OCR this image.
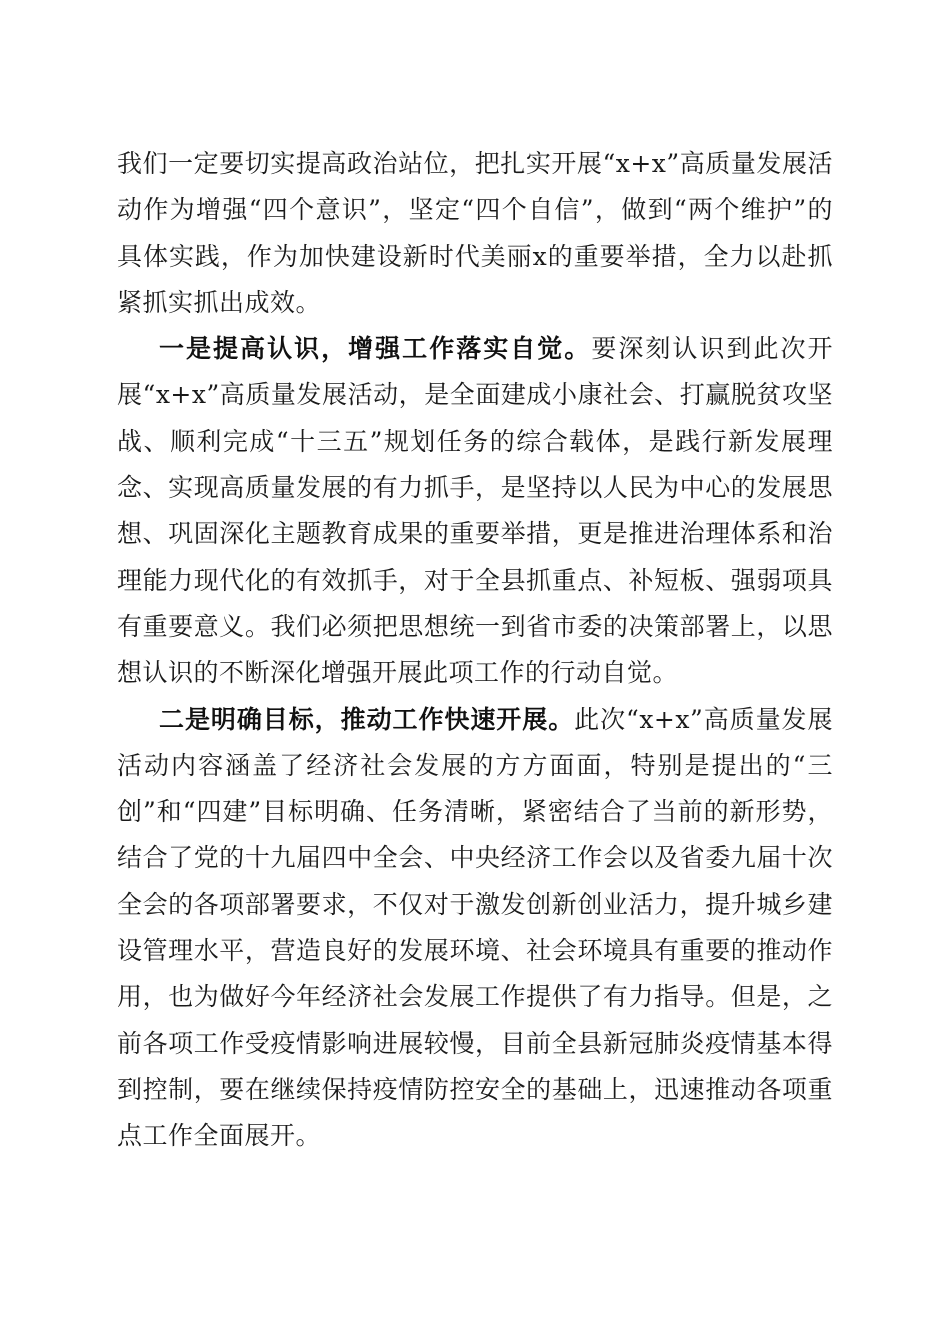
我们一定要切实提高政治站位，把扎实开展“x+x”高质量发展活动作为增强“四个意识”，坚定“四个自信”，做到“两个维护”的具体实践，作为加快建设新时代美丽x的重要举措，全力以赴抓紧抓实抓出成效。

一是提高认识，增强工作落实自觉。要深刻认识到此次开展“x+x”高质量发展活动，是全面建成小康社会、打赢脱贫攻坚战、顺利完成“十三五”规划任务的综合载体，是践行新发展理念、实现高质量发展的有力抓手，是坚持以人民为中心的发展思想、巩固深化主题教育成果的重要举措，更是推进治理体系和治理能力现代化的有效抓手，对于全县抓重点、补短板、强弱项具有重要意义。我们必须把思想统一到省市委的决策部署上，以思想认识的不断深化增强开展此项工作的行动自觉。

二是明确目标，推动工作快速开展。此次“x+x”高质量发展活动内容涵盖了经济社会发展的方方面面，特别是提出的“三创”和“四建”目标明确、任务清晰，紧密结合了当前的新形势，结合了党的十九届四中全会、中央经济工作会以及省委九届十次全会的各项部署要求，不仅对于激发创新创业活力，提升城乡建设管理水平，营造良好的发展环境、社会环境具有重要的推动作用，也为做好今年经济社会发展工作提供了有力指导。但是，之前各项工作受疫情影响进展较慢，目前全县新冠肺炎疫情基本得到控制，要在继续保持疫情防控安全的基础上，迅速推动各项重点工作全面展开。
